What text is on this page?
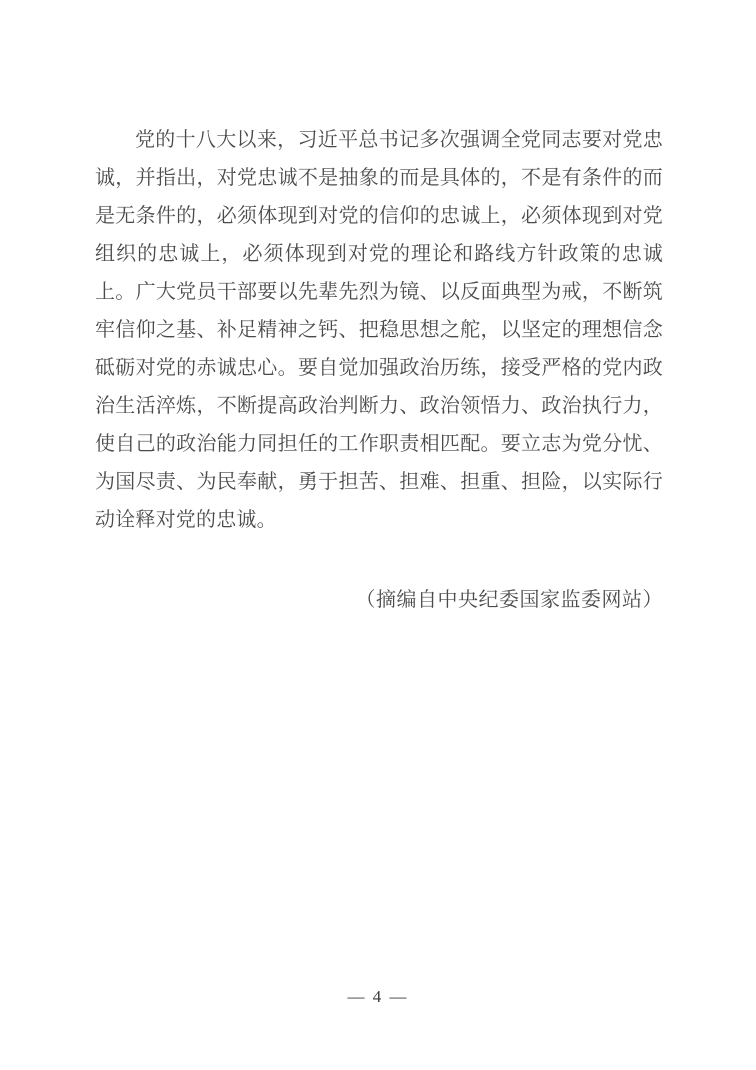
党的十八大以来，习近平总书记多次强调全党同志要对党忠诚，并指出，对党忠诚不是抽象的而是具体的，不是有条件的而是无条件的，必须体现到对党的信仰的忠诚上，必须体现到对党组织的忠诚上，必须体现到对党的理论和路线方针政策的忠诚上。广大党员干部要以先辈先烈为镜、以反面典型为戒，不断筑牢信仰之基、补足精神之钙、把稳思想之舵，以坚定的理想信念砥砺对党的赤诚忠心。要自觉加强政治历练，接受严格的党内政治生活淬炼，不断提高政治判断力、政治领悟力、政治执行力，使自己的政治能力同担任的工作职责相匹配。要立志为党分忧、为国尽责、为民奉献，勇于担苦、担难、担重、担险，以实际行动诠释对党的忠诚。

（摘编自中央纪委国家监委网站）

— 4 —
